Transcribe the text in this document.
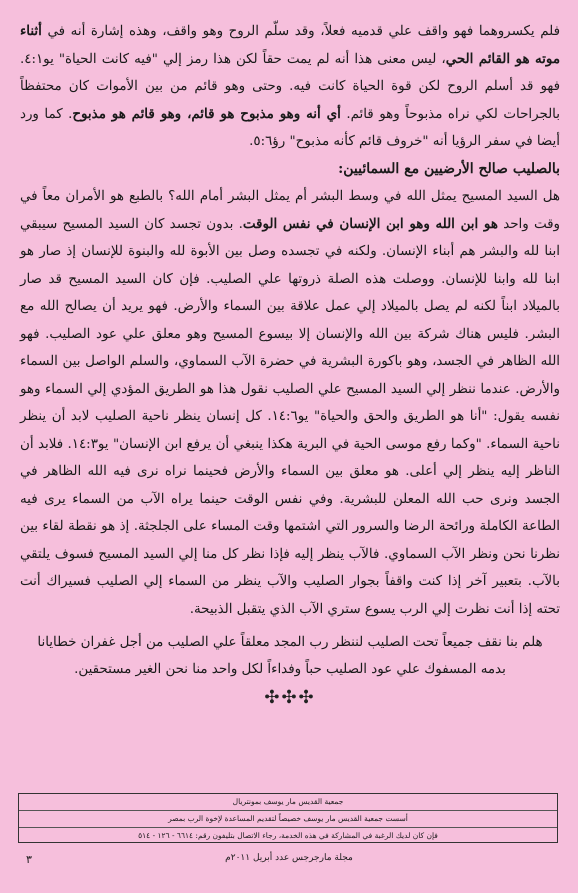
فلم يكسروهما فهو واقف علي قدميه فعلاً، وقد سلّم الروح وهو واقف، وهذه إشارة أنه في أثناء موته هو القائم الحي، ليس معنى هذا أنه لم يمت حقاً لكن هذا رمز إلي "فيه كانت الحياة" يو٤:١. فهو قد أسلم الروح لكن قوة الحياة كانت فيه. وحتى وهو قائم من بين الأموات كان محتفظاً بالجراحات لكي نراه مذبوحاً وهو قائم. أي أنه وهو مذبوح هو قائم، وهو قائم هو مذبوح. كما ورد أيضا في سفر الرؤيا أنه "خروف قائم كأنه مذبوح" رؤ٥:٦.

بالصليب صالح الأرضيين مع السمائيين:

هل السيد المسيح يمثل الله في وسط البشر أم يمثل البشر أمام الله؟ بالطبع هو الأمران معاً في وقت واحد هو ابن الله وهو ابن الإنسان في نفس الوقت. بدون تجسد كان السيد المسيح سيبقي ابنا لله والبشر هم أبناء الإنسان. ولكنه في تجسده وصل بين الأبوة لله والبنوة للإنسان إذ صار هو ابنا لله وابنا للإنسان. ووصلت هذه الصلة ذروتها علي الصليب. فإن كان السيد المسيح قد صار بالميلاد ابناً لكنه لم يصل بالميلاد إلي عمل علاقة بين السماء والأرض. فهو يريد أن يصالح الله مع البشر. فليس هناك شركة بين الله والإنسان إلا بيسوع المسيح وهو معلق علي عود الصليب. فهو الله الظاهر في الجسد، وهو باكورة البشرية في حضرة الآب السماوي، والسلم الواصل بين السماء والأرض. عندما ننظر إلي السيد المسيح علي الصليب نقول هذا هو الطريق المؤدي إلي السماء وهو نفسه يقول: "أنا هو الطريق والحق والحياة" يو١٤:٦. كل إنسان ينظر ناحية الصليب لابد أن ينظر ناحية السماء. "وكما رفع موسى الحية في البرية هكذا ينبغي أن يرفع ابن الإنسان" يو١٤:٣. فلابد أن الناظر إليه ينظر إلي أعلى. هو معلق بين السماء والأرض فحينما نراه نرى فيه الله الظاهر في الجسد ونرى حب الله المعلن للبشرية. وفي نفس الوقت حينما يراه الآب من السماء يرى فيه الطاعة الكاملة ورائحة الرضا والسرور التي اشتمها وقت المساء على الجلجثة. إذ هو نقطة لقاء بين نظرنا نحن ونظر الآب السماوي. فالآب ينظر إليه فإذا نظر كل منا إلي السيد المسيح فسوف يلتقي بالآب. بتعبير آخر إذا كنت واقفاً بجوار الصليب والآب ينظر من السماء إلي الصليب فسيراك أنت تحته إذا أنت نظرت إلي الرب يسوع ستري الآب الذي يتقبل الذبيحة.

هلم بنا نقف جميعاً تحت الصليب لننظر رب المجد معلقاً علي الصليب من أجل غفران خطايانا
بدمه المسفوك علي عود الصليب حباً وفداءاً لكل واحد منا نحن الغير مستحقين.
✣✣✣
جمعية القديس مار يوسف بمونتريال
أسست جمعية القديس مار يوسف خصيصاً لتقديم المساعدة لإخوة الرب بمصر
فإن كان لديك الرغبة في المشاركة في هذه الخدمة، رجاء الاتصال بتليفون رقم: ٦٦١٤ - ١٢٦ - ٥١٤
٣	مجلة مارجرجس عدد أبريل ٢٠١١م
